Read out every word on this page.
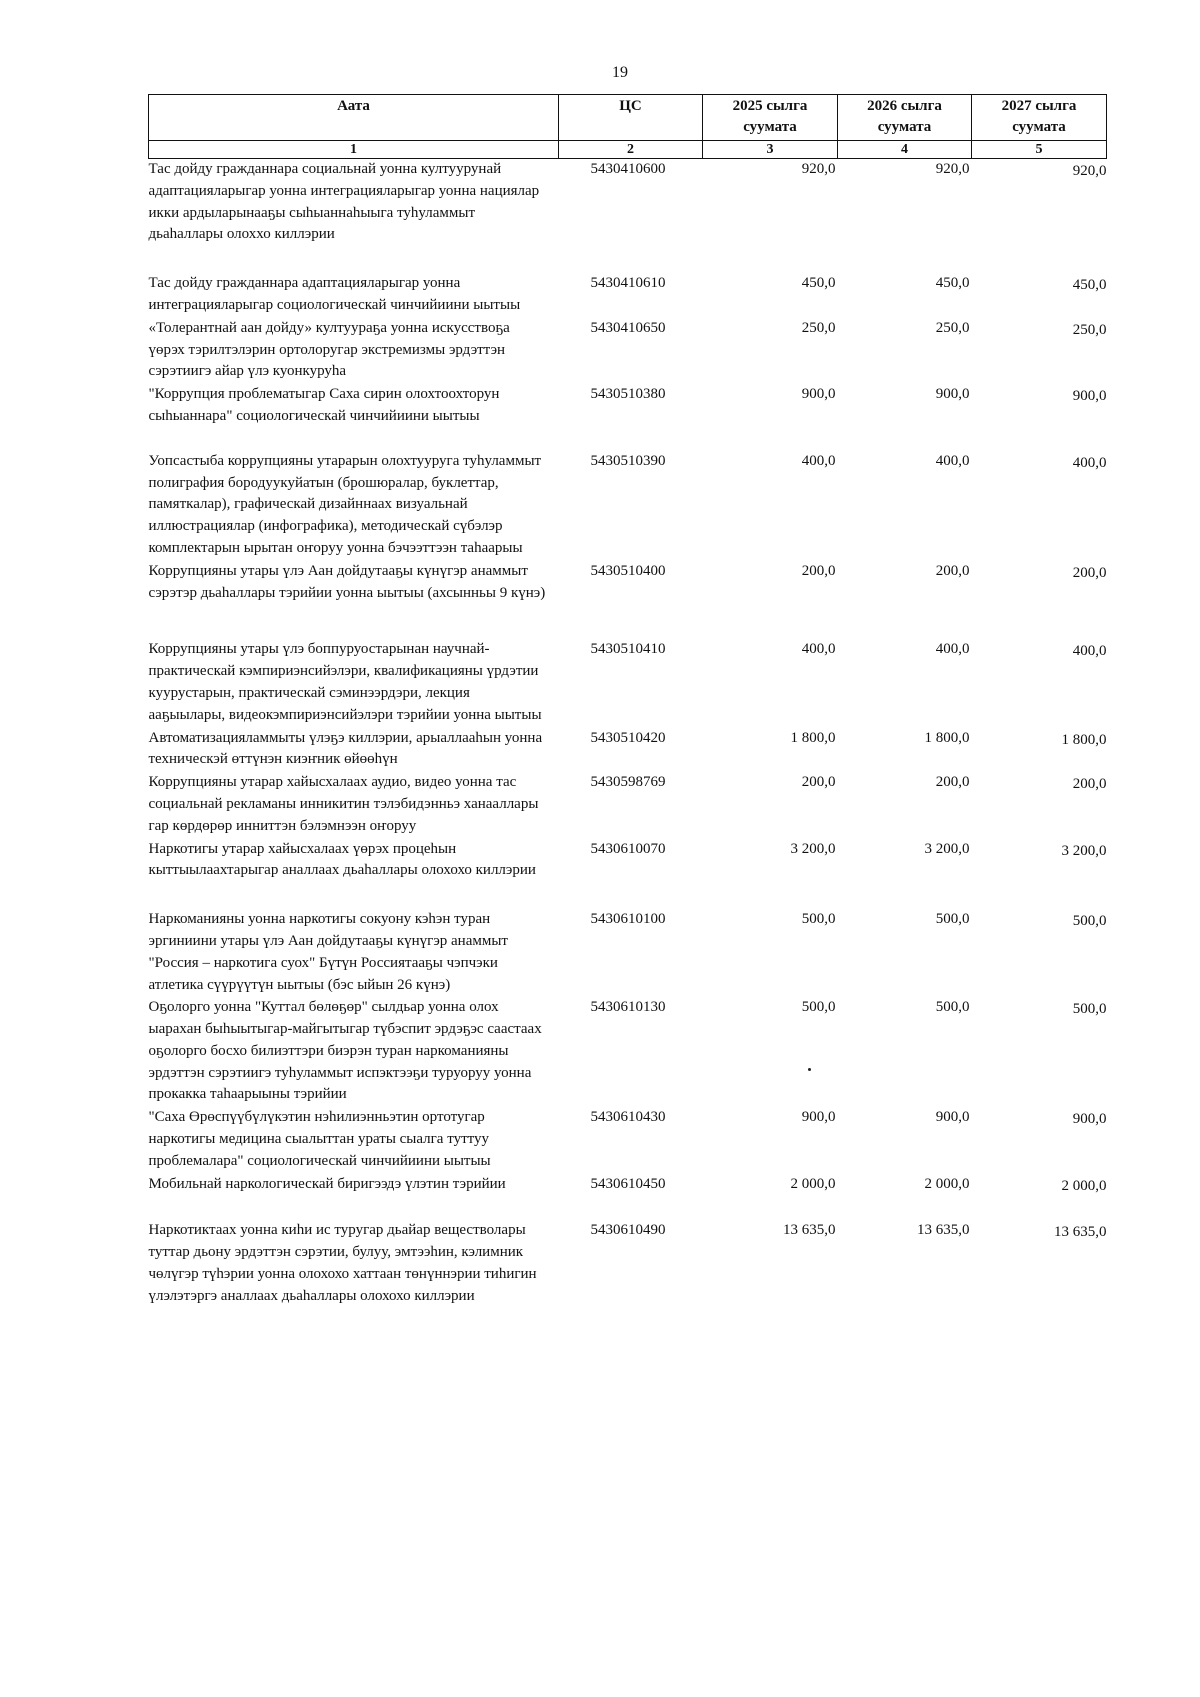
19
Аата	ЦС	2025 сылга суумата	2026 сылга суумата	2027 сылга суумата
1	2	3	4	5
Тас дойду гражданнара социальнай уонна култуурунай адаптацияларыгар уонна интеграцияларыгар уонна нациялар икки ардыларынааҕы сыһыаннаһыыга туһуламмыт дьаһаллары олоххо киллэрии	5430410600	920,0	920,0	920,0
Тас дойду гражданнара адаптацияларыгар уонна интеграцияларыгар социологическай чинчийиини ыытыы	5430410610	450,0	450,0	450,0
«Толерантнай аан дойду» култуураҕа уонна искусствоҕа үөрэх тэрилтэлэрин ортолоругар экстремизмы эрдэттэн сэрэтиигэ айар үлэ куонкуруһа	5430410650	250,0	250,0	250,0
"Коррупция проблематыгар Саха сирин олохтоохторун сыһыаннара" социологическай чинчийиини ыытыы	5430510380	900,0	900,0	900,0
Уопсастыба коррупцияны утарарын олохтууруга туһуламмыт полиграфия бородуукуйатын (брошюралар, буклеттар, памяткалар), графическай дизайннаах визуальнай иллюстрациялар (инфографика), методическай сүбэлэр комплектарын ырытан оҥоруу уонна бэчээттээн таһаарыы	5430510390	400,0	400,0	400,0
Коррупцияны утары үлэ Аан дойдутааҕы күнүгэр анаммыт сэрэтэр дьаһаллары тэрийии уонна ыытыы (ахсынньы 9 күнэ)	5430510400	200,0	200,0	200,0
Коррупцияны утары үлэ боппуруостарынан научнай-практическай кэмпириэнсийэлэри, квалификацияны үрдэтии куурустарын, практическай сэминээрдэри, лекция ааҕыылары, видеокэмпириэнсийэлэри тэрийии уонна ыытыы	5430510410	400,0	400,0	400,0
Автоматизацияламмыты үлэҕэ киллэрии, арыаллааһын уонна техническэй өттүнэн киэҥник өйөөһүн	5430510420	1 800,0	1 800,0	1 800,0
Коррупцияны утарар хайысхалаах аудио, видео уонна тас социальнай рекламаны инникитин тэлэбидэнньэ ханааллары гар көрдөрөр инниттэн бэлэмнээн оҥоруу	5430598769	200,0	200,0	200,0
Наркотигы утарар хайысхалаах үөрэх процеһын кыттыылаахтарыгар аналлаах дьаһаллары олохохо киллэрии	5430610070	3 200,0	3 200,0	3 200,0
Наркоманияны уонна наркотигы сокуону кэһэн туран эргиниини утары үлэ Аан дойдутааҕы күнүгэр анаммыт "Россия – наркотига суох" Бүтүн Россиятааҕы чэпчэки атлетика сүүрүүтүн ыытыы (бэс ыйын 26 күнэ)	5430610100	500,0	500,0	500,0
Оҕолорго уонна "Куттал бөлөҕөр" сылдьар уонна олох ыарахан быһыытыгар-майгытыгар түбэспит эрдэҕэс саастаах оҕолорго босхо билиэттэри биэрэн туран наркоманияны эрдэттэн сэрэтиигэ туһуламмыт испэктээҕи туруоруу уонна прокакка таһаарыыны тэрийии	5430610130	500,0	500,0	500,0
"Саха Өрөспүүбүлүкэтин нэһилиэнньэтин ортотугар наркотигы медицина сыалыттан ураты сыалга туттуу проблемалара" социологическай чинчийиини ыытыы	5430610430	900,0	900,0	900,0
Мобильнай наркологическай биригээдэ үлэтин тэрийии	5430610450	2 000,0	2 000,0	2 000,0
Наркотиктаах уонна киһи ис туругар дьайар веществолары туттар дьону эрдэттэн сэрэтии, булуу, эмтээһин, кэлимник чөлүгэр түһэрии уонна олохохо хаттаан төнүннэрии тиһигин үлэлэтэргэ аналлаах дьаһаллары олохохо киллэрии	5430610490	13 635,0	13 635,0	13 635,0
